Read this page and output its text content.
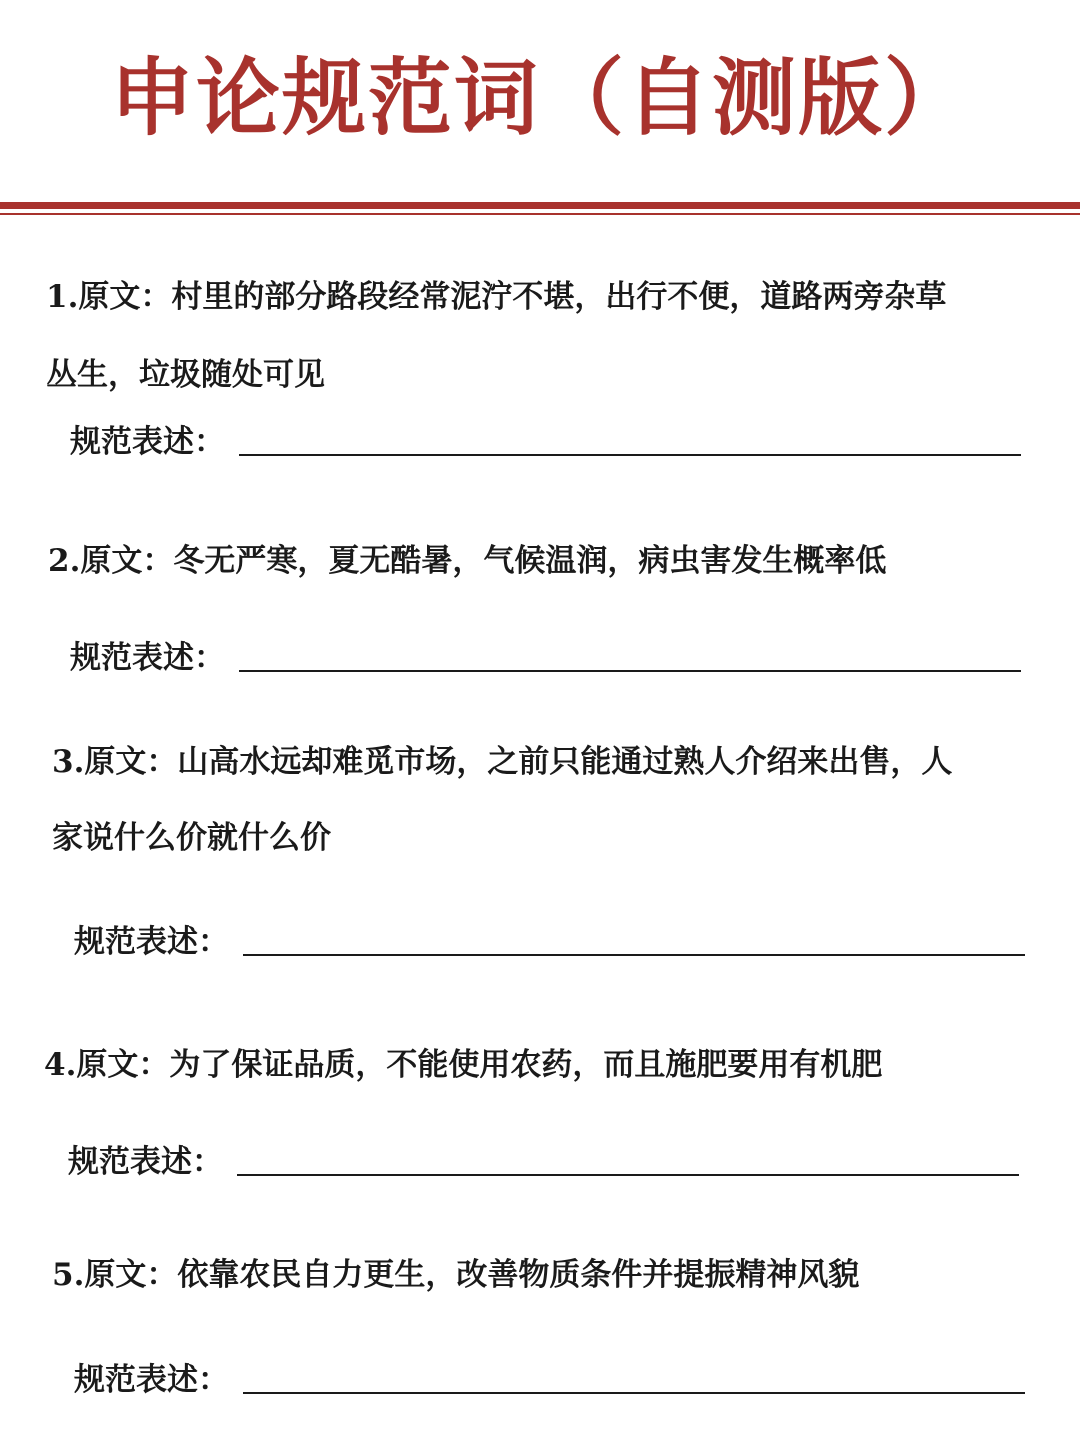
申论规范词（自测版）
1.原文：村里的部分路段经常泥泞不堪，出行不便，道路两旁杂草
丛生，垃圾随处可见
规范表述：
2.原文：冬无严寒，夏无酷暑，气候温润，病虫害发生概率低
规范表述：
3.原文：山高水远却难觅市场，之前只能通过熟人介绍来出售，人
家说什么价就什么价
规范表述：
4.原文：为了保证品质，不能使用农药，而且施肥要用有机肥
规范表述：
5.原文：依靠农民自力更生，改善物质条件并提振精神风貌
规范表述：
